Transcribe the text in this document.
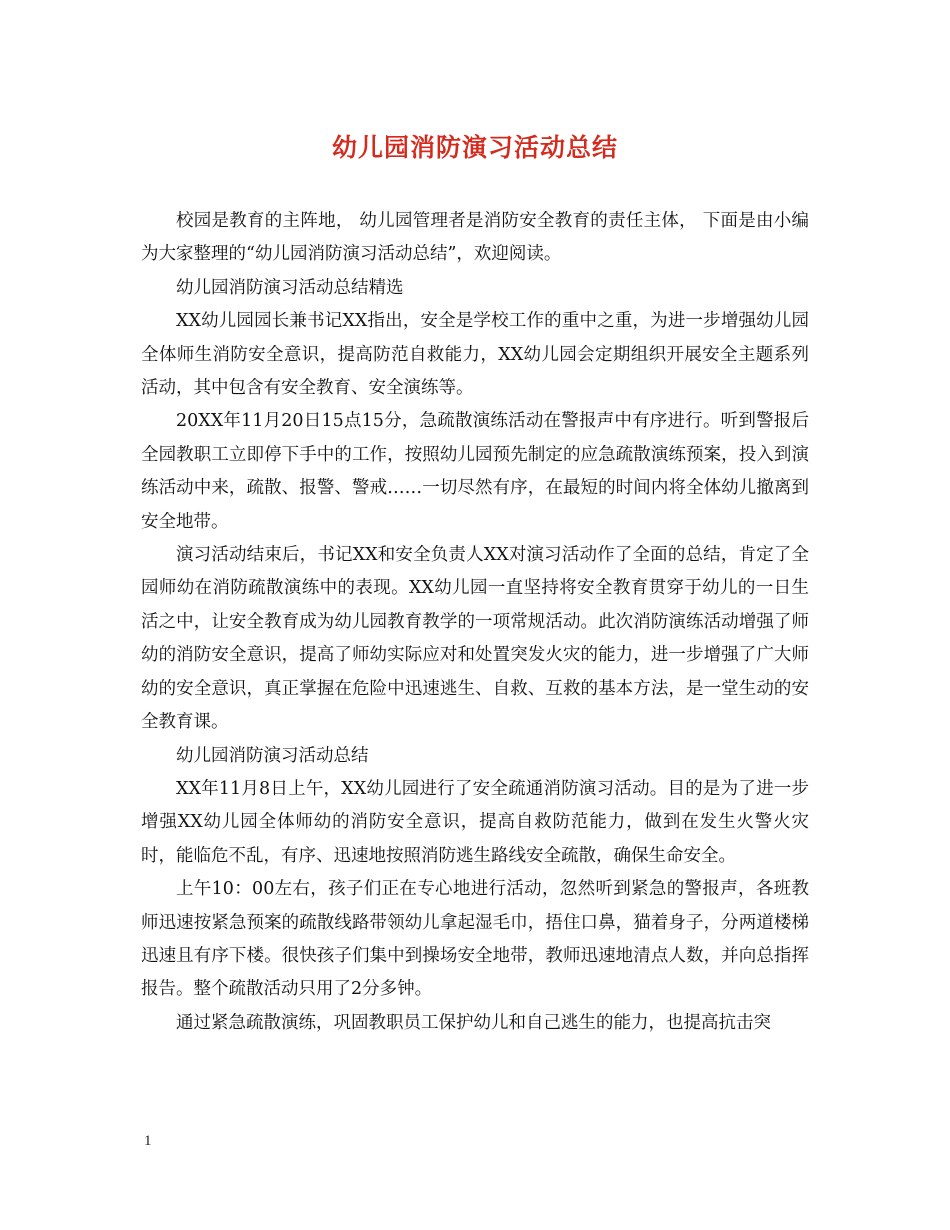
幼儿园消防演习活动总结

校园是教育的主阵地， 幼儿园管理者是消防安全教育的责任主体， 下面是由小编为大家整理的“幼儿园消防演习活动总结”，欢迎阅读。

幼儿园消防演习活动总结精选

XX幼儿园园长兼书记XX指出，安全是学校工作的重中之重，为进一步增强幼儿园全体师生消防安全意识，提高防范自救能力，XX幼儿园会定期组织开展安全主题系列活动，其中包含有安全教育、安全演练等。

20XX年11月20日15点15分，急疏散演练活动在警报声中有序进行。听到警报后全园教职工立即停下手中的工作，按照幼儿园预先制定的应急疏散演练预案，投入到演练活动中来，疏散、报警、警戒……一切尽然有序，在最短的时间内将全体幼儿撤离到安全地带。

演习活动结束后，书记XX和安全负责人XX对演习活动作了全面的总结，肯定了全园师幼在消防疏散演练中的表现。XX幼儿园一直坚持将安全教育贯穿于幼儿的一日生活之中，让安全教育成为幼儿园教育教学的一项常规活动。此次消防演练活动增强了师幼的消防安全意识，提高了师幼实际应对和处置突发火灾的能力，进一步增强了广大师幼的安全意识，真正掌握在危险中迅速逃生、自救、互救的基本方法，是一堂生动的安全教育课。

幼儿园消防演习活动总结

XX年11月8日上午，XX幼儿园进行了安全疏通消防演习活动。目的是为了进一步增强XX幼儿园全体师幼的消防安全意识，提高自救防范能力，做到在发生火警火灾时，能临危不乱，有序、迅速地按照消防逃生路线安全疏散，确保生命安全。

上午10：00左右，孩子们正在专心地进行活动，忽然听到紧急的警报声，各班教师迅速按紧急预案的疏散线路带领幼儿拿起湿毛巾，捂住口鼻，猫着身子，分两道楼梯迅速且有序下楼。很快孩子们集中到操场安全地带，教师迅速地清点人数，并向总指挥报告。整个疏散活动只用了2分多钟。

通过紧急疏散演练，巩固教职员工保护幼儿和自己逃生的能力，也提高抗击突

1
